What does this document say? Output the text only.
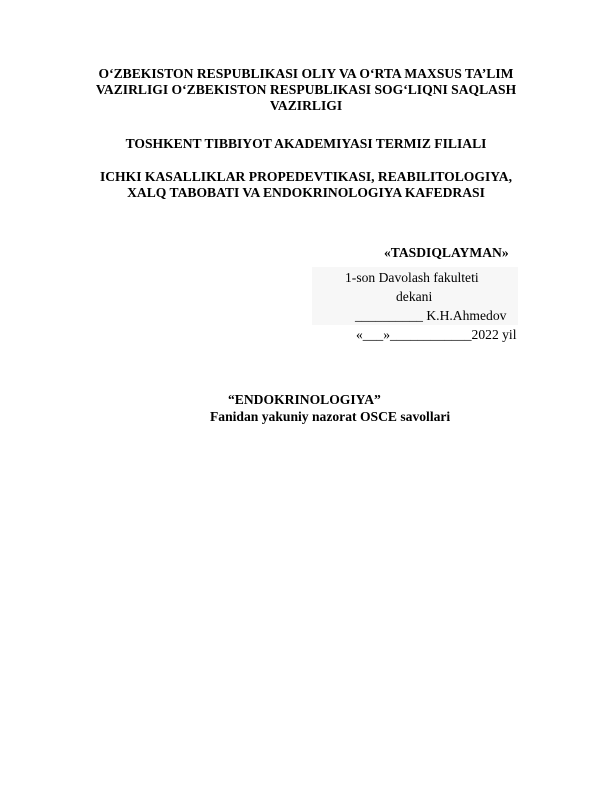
O‘ZBEKISTON RESPUBLIKASI OLIY VA O‘RTA MAXSUS TA’LIM
VAZIRLIGI O‘ZBEKISTON RESPUBLIKASI SOG‘LIQNI SAQLASH
VAZIRLIGI
TOSHKENT TIBBIYOT AKADEMIYASI TERMIZ FILIALI
ICHKI KASALLIKLAR PROPEDEVTIKASI, REABILITOLOGIYA,
XALQ TABOBATI VA ENDOKRINOLOGIYA KAFEDRASI
«TASDIQLAYMAN»
1-son Davolash fakulteti
dekani
__________ K.H.Ahmedov
«___»____________2022 yil
“ENDOKRINOLOGIYA”
Fanidan yakuniy nazorat OSCE savollari
